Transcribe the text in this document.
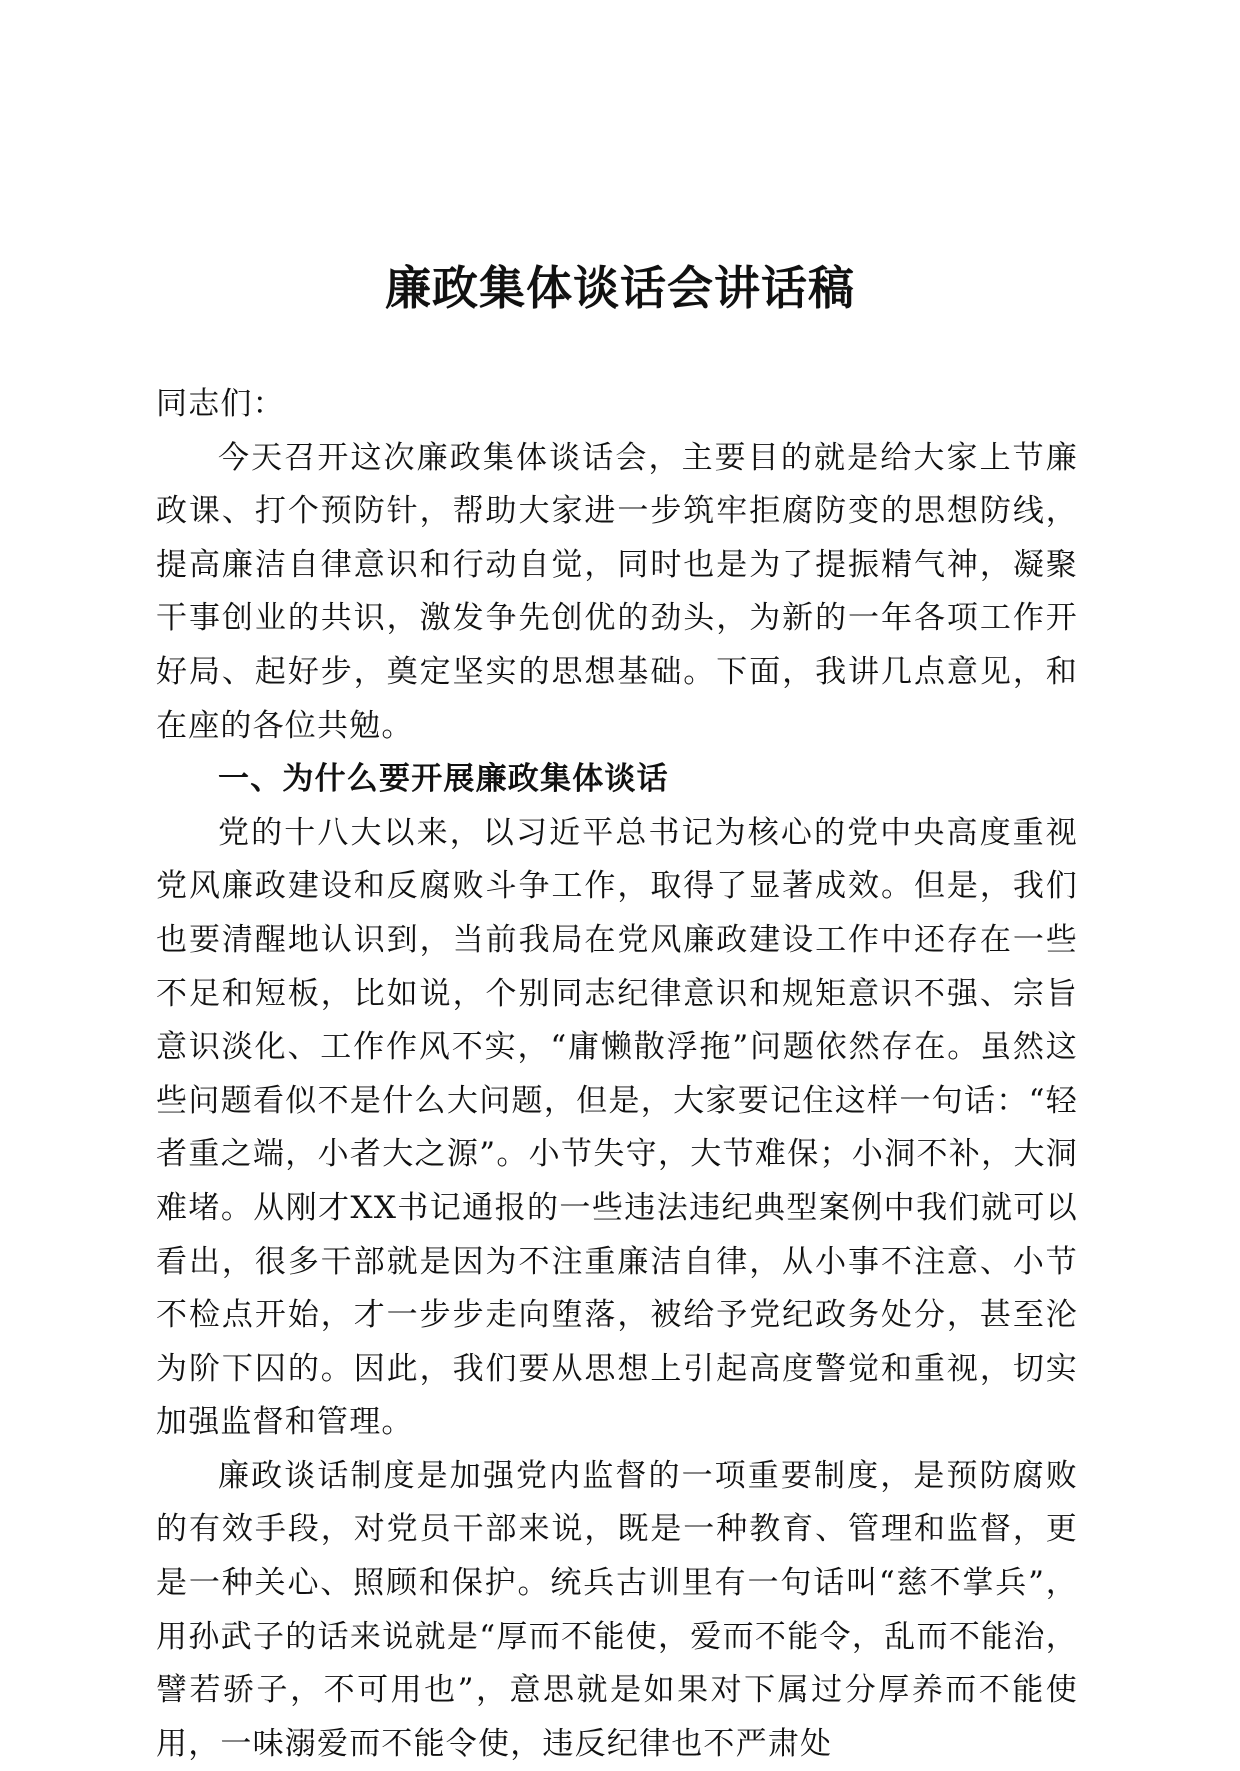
廉政集体谈话会讲话稿

同志们：

今天召开这次廉政集体谈话会，主要目的就是给大家上节廉政课、打个预防针，帮助大家进一步筑牢拒腐防变的思想防线，提高廉洁自律意识和行动自觉，同时也是为了提振精气神，凝聚干事创业的共识，激发争先创优的劲头，为新的一年各项工作开好局、起好步，奠定坚实的思想基础。下面，我讲几点意见，和在座的各位共勉。

一、为什么要开展廉政集体谈话

党的十八大以来，以习近平总书记为核心的党中央高度重视党风廉政建设和反腐败斗争工作，取得了显著成效。但是，我们也要清醒地认识到，当前我局在党风廉政建设工作中还存在一些不足和短板，比如说，个别同志纪律意识和规矩意识不强、宗旨意识淡化、工作作风不实，“庸懒散浮拖”问题依然存在。虽然这些问题看似不是什么大问题，但是，大家要记住这样一句话：“轻者重之端，小者大之源”。小节失守，大节难保；小洞不补，大洞难堵。从刚才XX书记通报的一些违法违纪典型案例中我们就可以看出，很多干部就是因为不注重廉洁自律，从小事不注意、小节不检点开始，才一步步走向堕落，被给予党纪政务处分，甚至沦为阶下囚的。因此，我们要从思想上引起高度警觉和重视，切实加强监督和管理。

廉政谈话制度是加强党内监督的一项重要制度，是预防腐败的有效手段，对党员干部来说，既是一种教育、管理和监督，更是一种关心、照顾和保护。统兵古训里有一句话叫“慈不掌兵”，用孙武子的话来说就是“厚而不能使，爱而不能令，乱而不能治，譬若骄子，不可用也”，意思就是如果对下属过分厚养而不能使用，一味溺爱而不能令使，违反纪律也不严肃处
